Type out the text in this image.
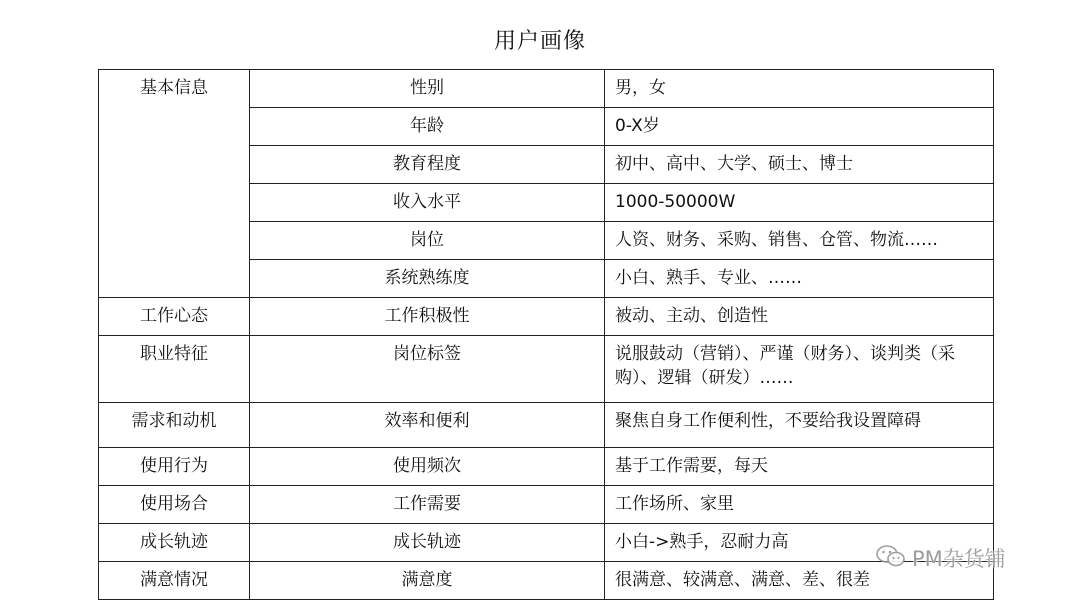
用户画像
基本信息	性别	男，女
	年龄	0-X岁
	教育程度	初中、高中、大学、硕士、博士
	收入水平	1000-50000W
	岗位	人资、财务、采购、销售、仓管、物流……
	系统熟练度	小白、熟手、专业、……
工作心态	工作积极性	被动、主动、创造性
职业特征	岗位标签	说服鼓动（营销）、严谨（财务）、谈判类（采购）、逻辑（研发）……
需求和动机	效率和便利	聚焦自身工作便利性，不要给我设置障碍
使用行为	使用频次	基于工作需要，每天
使用场合	工作需要	工作场所、家里
成长轨迹	成长轨迹	小白->熟手，忍耐力高
满意情况	满意度	很满意、较满意、满意、差、很差
PM杂货铺
